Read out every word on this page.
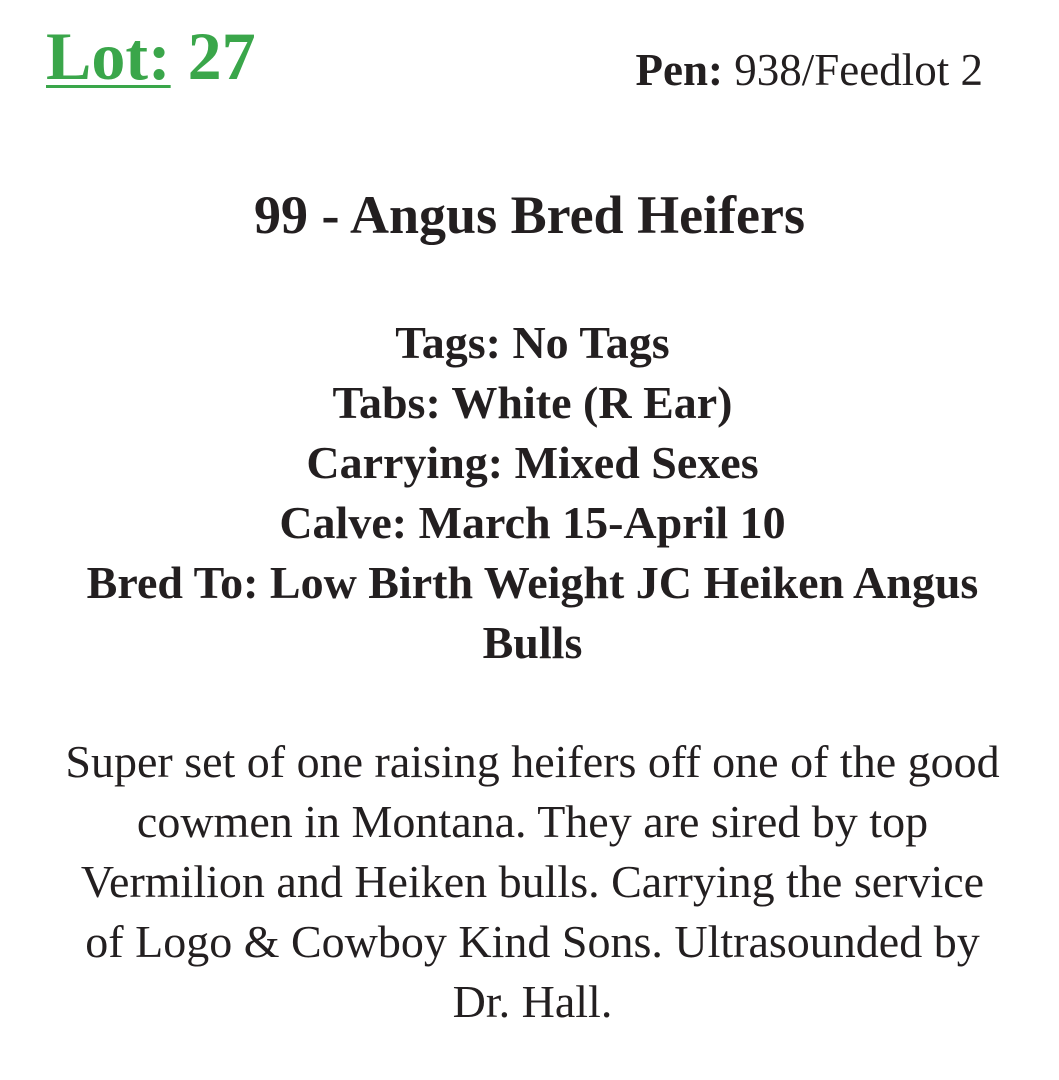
Lot: 27	Pen: 938/Feedlot 2
99 - Angus Bred Heifers
Tags: No Tags
Tabs: White (R Ear)
Carrying: Mixed Sexes
Calve: March 15-April 10
Bred To: Low Birth Weight JC Heiken Angus Bulls
Super set of one raising heifers off one of the good cowmen in Montana. They are sired by top Vermilion and Heiken bulls. Carrying the service of Logo & Cowboy Kind Sons. Ultrasounded by Dr. Hall.
